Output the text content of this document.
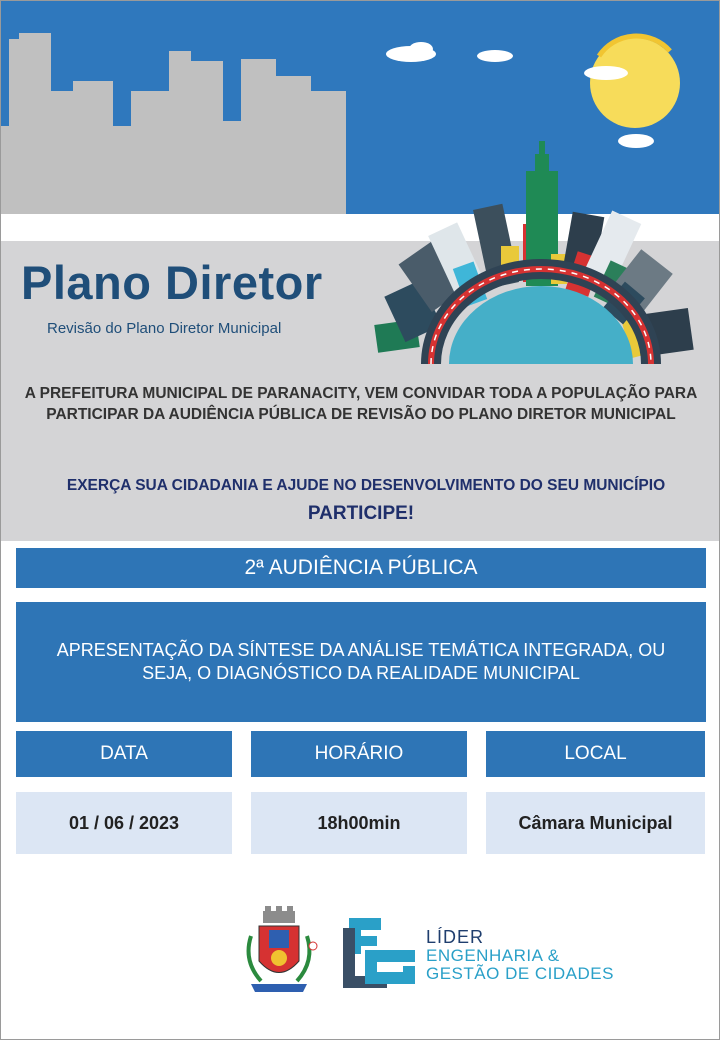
Plano Diretor
Revisão do Plano Diretor Municipal
A PREFEITURA MUNICIPAL DE PARANACITY, VEM CONVIDAR TODA A POPULAÇÃO PARA PARTICIPAR DA AUDIÊNCIA PÚBLICA DE REVISÃO DO PLANO DIRETOR MUNICIPAL
EXERÇA SUA CIDADANIA E AJUDE NO DESENVOLVIMENTO DO SEU MUNICÍPIO
PARTICIPE!
2ª AUDIÊNCIA PÚBLICA
APRESENTAÇÃO DA SÍNTESE DA ANÁLISE TEMÁTICA INTEGRADA, OU SEJA, O DIAGNÓSTICO DA REALIDADE MUNICIPAL
DATA	HORÁRIO	LOCAL
01 / 06 / 2023	18h00min	Câmara Municipal
LÍDER
ENGENHARIA &
GESTÃO DE CIDADES
